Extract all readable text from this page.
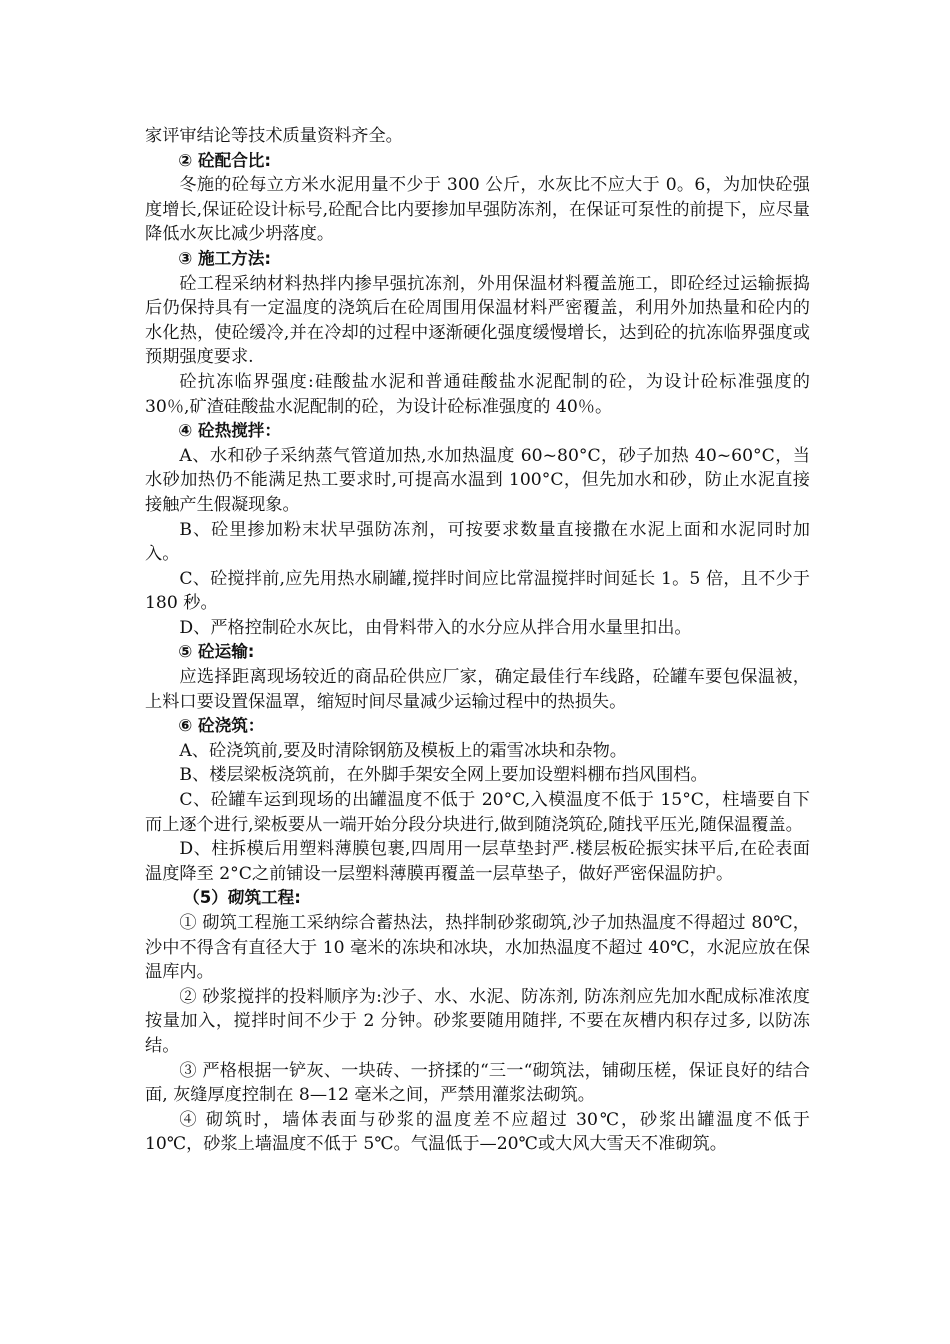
家评审结论等技术质量资料齐全。

② 砼配合比:

冬施的砼每立方米水泥用量不少于 300 公斤，水灰比不应大于 0。6，为加快砼强度增长,保证砼设计标号,砼配合比内要掺加早强防冻剂，在保证可泵性的前提下，应尽量降低水灰比减少坍落度。

③ 施工方法:

砼工程采纳材料热拌内掺早强抗冻剂，外用保温材料覆盖施工，即砼经过运输振捣后仍保持具有一定温度的浇筑后在砼周围用保温材料严密覆盖，利用外加热量和砼内的水化热，使砼缓冷,并在冷却的过程中逐渐硬化强度缓慢增长，达到砼的抗冻临界强度或预期强度要求.

砼抗冻临界强度:硅酸盐水泥和普通硅酸盐水泥配制的砼，为设计砼标准强度的 30％,矿渣硅酸盐水泥配制的砼，为设计砼标准强度的 40％。

④ 砼热搅拌：

A、水和砂子采纳蒸气管道加热,水加热温度 60~80°C，砂子加热 40~60°C，当水砂加热仍不能满足热工要求时,可提高水温到 100°C，但先加水和砂，防止水泥直接接触产生假凝现象。

B、砼里掺加粉末状早强防冻剂，可按要求数量直接撒在水泥上面和水泥同时加入。

C、砼搅拌前,应先用热水刷罐,搅拌时间应比常温搅拌时间延长 1。5 倍，且不少于 180 秒。

D、严格控制砼水灰比，由骨料带入的水分应从拌合用水量里扣出。

⑤ 砼运输:

应选择距离现场较近的商品砼供应厂家，确定最佳行车线路，砼罐车要包保温被，上料口要设置保温罩，缩短时间尽量减少运输过程中的热损失。

⑥ 砼浇筑：

A、砼浇筑前,要及时清除钢筋及模板上的霜雪冰块和杂物。

B、楼层梁板浇筑前，在外脚手架安全网上要加设塑料棚布挡风围档。

C、砼罐车运到现场的出罐温度不低于 20°C,入模温度不低于 15°C，柱墙要自下而上逐个进行,梁板要从一端开始分段分块进行,做到随浇筑砼,随找平压光,随保温覆盖。

D、柱拆模后用塑料薄膜包裹,四周用一层草垫封严.楼层板砼振实抹平后,在砼表面温度降至 2°C之前铺设一层塑料薄膜再覆盖一层草垫子，做好严密保温防护。

（5）砌筑工程:

① 砌筑工程施工采纳综合蓄热法，热拌制砂浆砌筑,沙子加热温度不得超过 80℃，沙中不得含有直径大于 10 毫米的冻块和冰块，水加热温度不超过 40℃，水泥应放在保温库内。

② 砂浆搅拌的投料顺序为:沙子、水、水泥、防冻剂, 防冻剂应先加水配成标准浓度按量加入，搅拌时间不少于 2 分钟。砂浆要随用随拌, 不要在灰槽内积存过多, 以防冻结。

③ 严格根据一铲灰、一块砖、一挤揉的“三一“砌筑法，铺砌压槎，保证良好的结合面, 灰缝厚度控制在 8—12 毫米之间，严禁用灌浆法砌筑。

④ 砌筑时，墙体表面与砂浆的温度差不应超过 30℃，砂浆出罐温度不低于 10℃，砂浆上墙温度不低于 5℃。气温低于—20℃或大风大雪天不准砌筑。
